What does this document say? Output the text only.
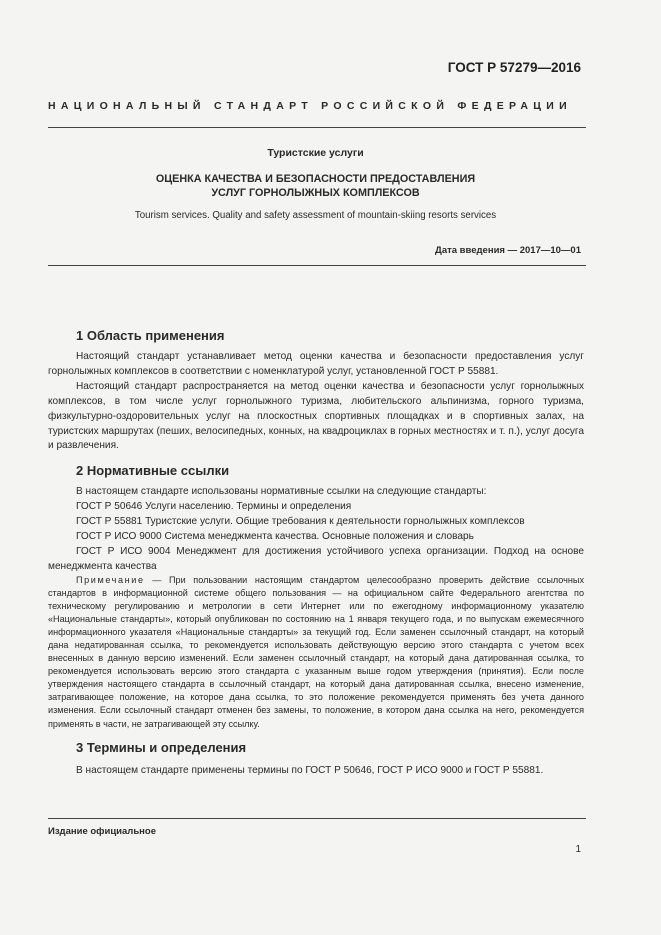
ГОСТ Р 57279—2016
НАЦИОНАЛЬНЫЙ СТАНДАРТ РОССИЙСКОЙ ФЕДЕРАЦИИ
Туристские услуги
ОЦЕНКА КАЧЕСТВА И БЕЗОПАСНОСТИ ПРЕДОСТАВЛЕНИЯ
УСЛУГ ГОРНОЛЫЖНЫХ КОМПЛЕКСОВ
Tourism services. Quality and safety assessment of mountain-skiing resorts services
Дата введения — 2017—10—01
1 Область применения

Настоящий стандарт устанавливает метод оценки качества и безопасности предоставления услуг горнолыжных комплексов в соответствии с номенклатурой услуг, установленной ГОСТ Р 55881.

Настоящий стандарт распространяется на метод оценки качества и безопасности услуг горнолыжных комплексов, в том числе услуг горнолыжного туризма, любительского альпинизма, горного туризма, физкультурно-оздоровительных услуг на плоскостных спортивных площадках и в спортивных залах, на туристских маршрутах (пеших, велосипедных, конных, на квадроциклах в горных местностях и т. п.), услуг досуга и развлечения.

2 Нормативные ссылки

В настоящем стандарте использованы нормативные ссылки на следующие стандарты:

ГОСТ Р 50646 Услуги населению. Термины и определения

ГОСТ Р 55881 Туристские услуги. Общие требования к деятельности горнолыжных комплексов

ГОСТ Р ИСО 9000 Система менеджмента качества. Основные положения и словарь

ГОСТ Р ИСО 9004 Менеджмент для достижения устойчивого успеха организации. Подход на основе менеджмента качества

Примечание — При пользовании настоящим стандартом целесообразно проверить действие ссылочных стандартов в информационной системе общего пользования — на официальном сайте Федерального агентства по техническому регулированию и метрологии в сети Интернет или по ежегодному информационному указателю «Национальные стандарты», который опубликован по состоянию на 1 января текущего года, и по выпускам ежемесячного информационного указателя «Национальные стандарты» за текущий год. Если заменен ссылочный стандарт, на который дана недатированная ссылка, то рекомендуется использовать действующую версию этого стандарта с учетом всех внесенных в данную версию изменений. Если заменен ссылочный стандарт, на который дана датированная ссылка, то рекомендуется использовать версию этого стандарта с указанным выше годом утверждения (принятия). Если после утверждения настоящего стандарта в ссылочный стандарт, на который дана датированная ссылка, внесено изменение, затрагивающее положение, на которое дана ссылка, то это положение рекомендуется применять без учета данного изменения. Если ссылочный стандарт отменен без замены, то положение, в котором дана ссылка на него, рекомендуется применять в части, не затрагивающей эту ссылку.

3 Термины и определения

В настоящем стандарте применены термины по ГОСТ Р 50646, ГОСТ Р ИСО 9000 и ГОСТ Р 55881.

Издание официальное
1
